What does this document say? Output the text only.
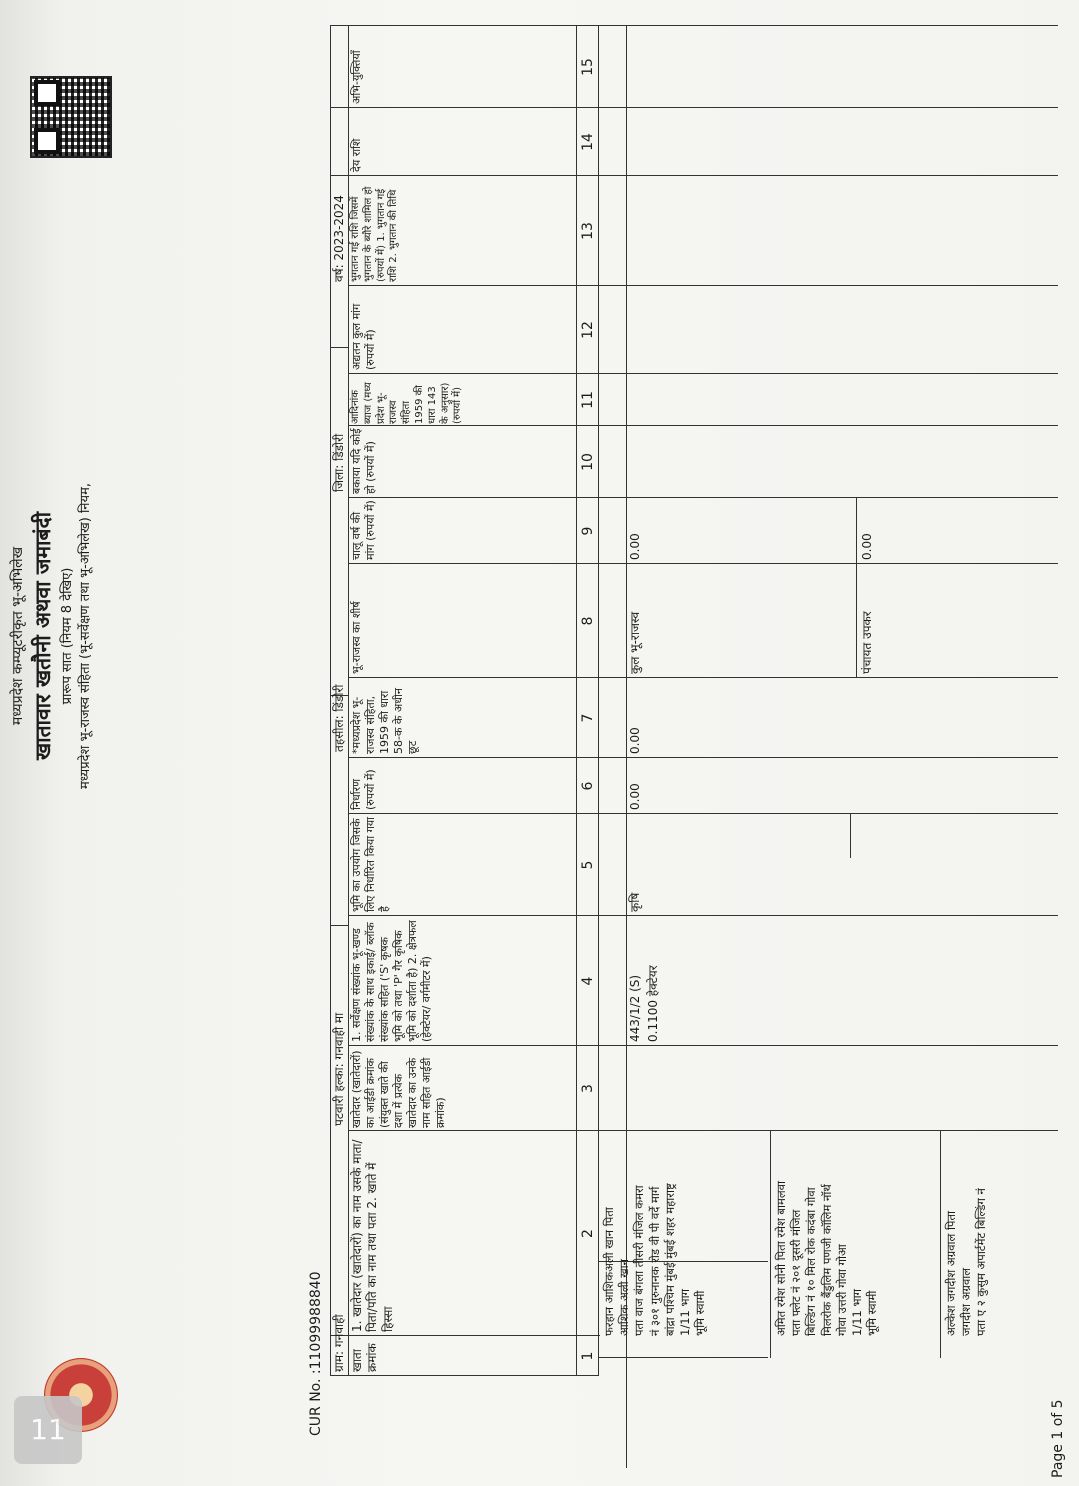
मध्यप्रदेश कम्प्यूटरीकृत भू-अभिलेख खातावार खतौनी अथवा जमाबंदी प्रारूप सात (नियम 8 देखिए) मध्यप्रदेश भू-राजस्व संहिता (भू-सर्वेक्षण तथा भू-अभिलेख) नियम,
CUR No. :11099988840 ग्राम: गनवाही
पटवारी हल्का: गनवाही मा
तहसील: डिंडोरी
जिला: डिंडोरी
वर्ष: 2023-2024
खाता क्रमांक
1. खातेदार (खातेदारों) का नाम उसके माता/पिता/पति का नाम तथा पता 2. खाते में हिस्सा
खातेदार (खातेदारों) का आईडी क्रमांक (संयुक्त खाते की दशा में प्रत्येक खातेदार का उनके नाम सहित आईडी क्रमांक)
1. सर्वेक्षण संख्यांक भू-खण्ड संख्यांक के साथ इकाई/ ब्लॉक संख्यांक सहित ('S' कृषक भूमि को तथा 'P' गैर कृषिक भूमि को दर्शाता है) 2. क्षेत्रफल (हेक्टेयर/ वर्गमीटर में)
भूमि का उपयोग जिसके लिए निर्धारित किया गया है
निर्धारण (रुपयों में)
*मध्यप्रदेश भू-राजस्व संहिता, 1959 की धारा 58-क के अधीन छूट
भू-राजस्व का शीर्ष
चालू वर्ष की मांग (रुपयों में)
बकाया यदि कोई हो (रुपयों में)
आदिनांक ब्याज (मध्य प्रदेश भू-राजस्व संहिता 1959 की धारा 143 के अनुसार) (रुपयों में)
अद्यतन कुल मांग (रुपयों में)
भुगतान गई राशि जिसमें भुगतान के ब्यौरे शामिल हो (रुपयों में) 1. भुगतान गई राशि 2. भुगतान की तिथि
देय राशि
अभि-युक्तियाँ
1
2
3
4
5
6
7
8
9
10
11
12
13
14
15
फरहान आशिकअली खान पिता आशिक अली खान पता वाज बंगला तीसरी मंजिल कमरा नं ३०१ गुरुनानक रोड वी पी वर्दे मार्ग बांद्रा पश्चिम मुंबई मुंबई शहर महाराष्ट्र 1/11 भाग भूमि स्वामी	अमित रमेश सोनी पिता रमेश बामलवा पता फ्लेट नं २०१ दूसरी मंजिल बिल्डिंग नं १० मिल रोक कदंबा गोवा मिलरोक बैंडुलिम पणजी कॉलिम नॉर्थ गोवा उत्तरी गोवा गोआ 1/11 भाग भूमि स्वामी	अल्केश जगदीश अग्रवाल पिता जगदीश अग्रवाल पता ए २ कुसुम अपार्टमेंट बिल्डिंग नं
443/1/2 (S) 0.1100 हेक्टेयर
कृषि
0.00
0.00
कुल भू-राजस्व
0.00
पंचायत उपकर
0.00
Page 1 of 5
11
